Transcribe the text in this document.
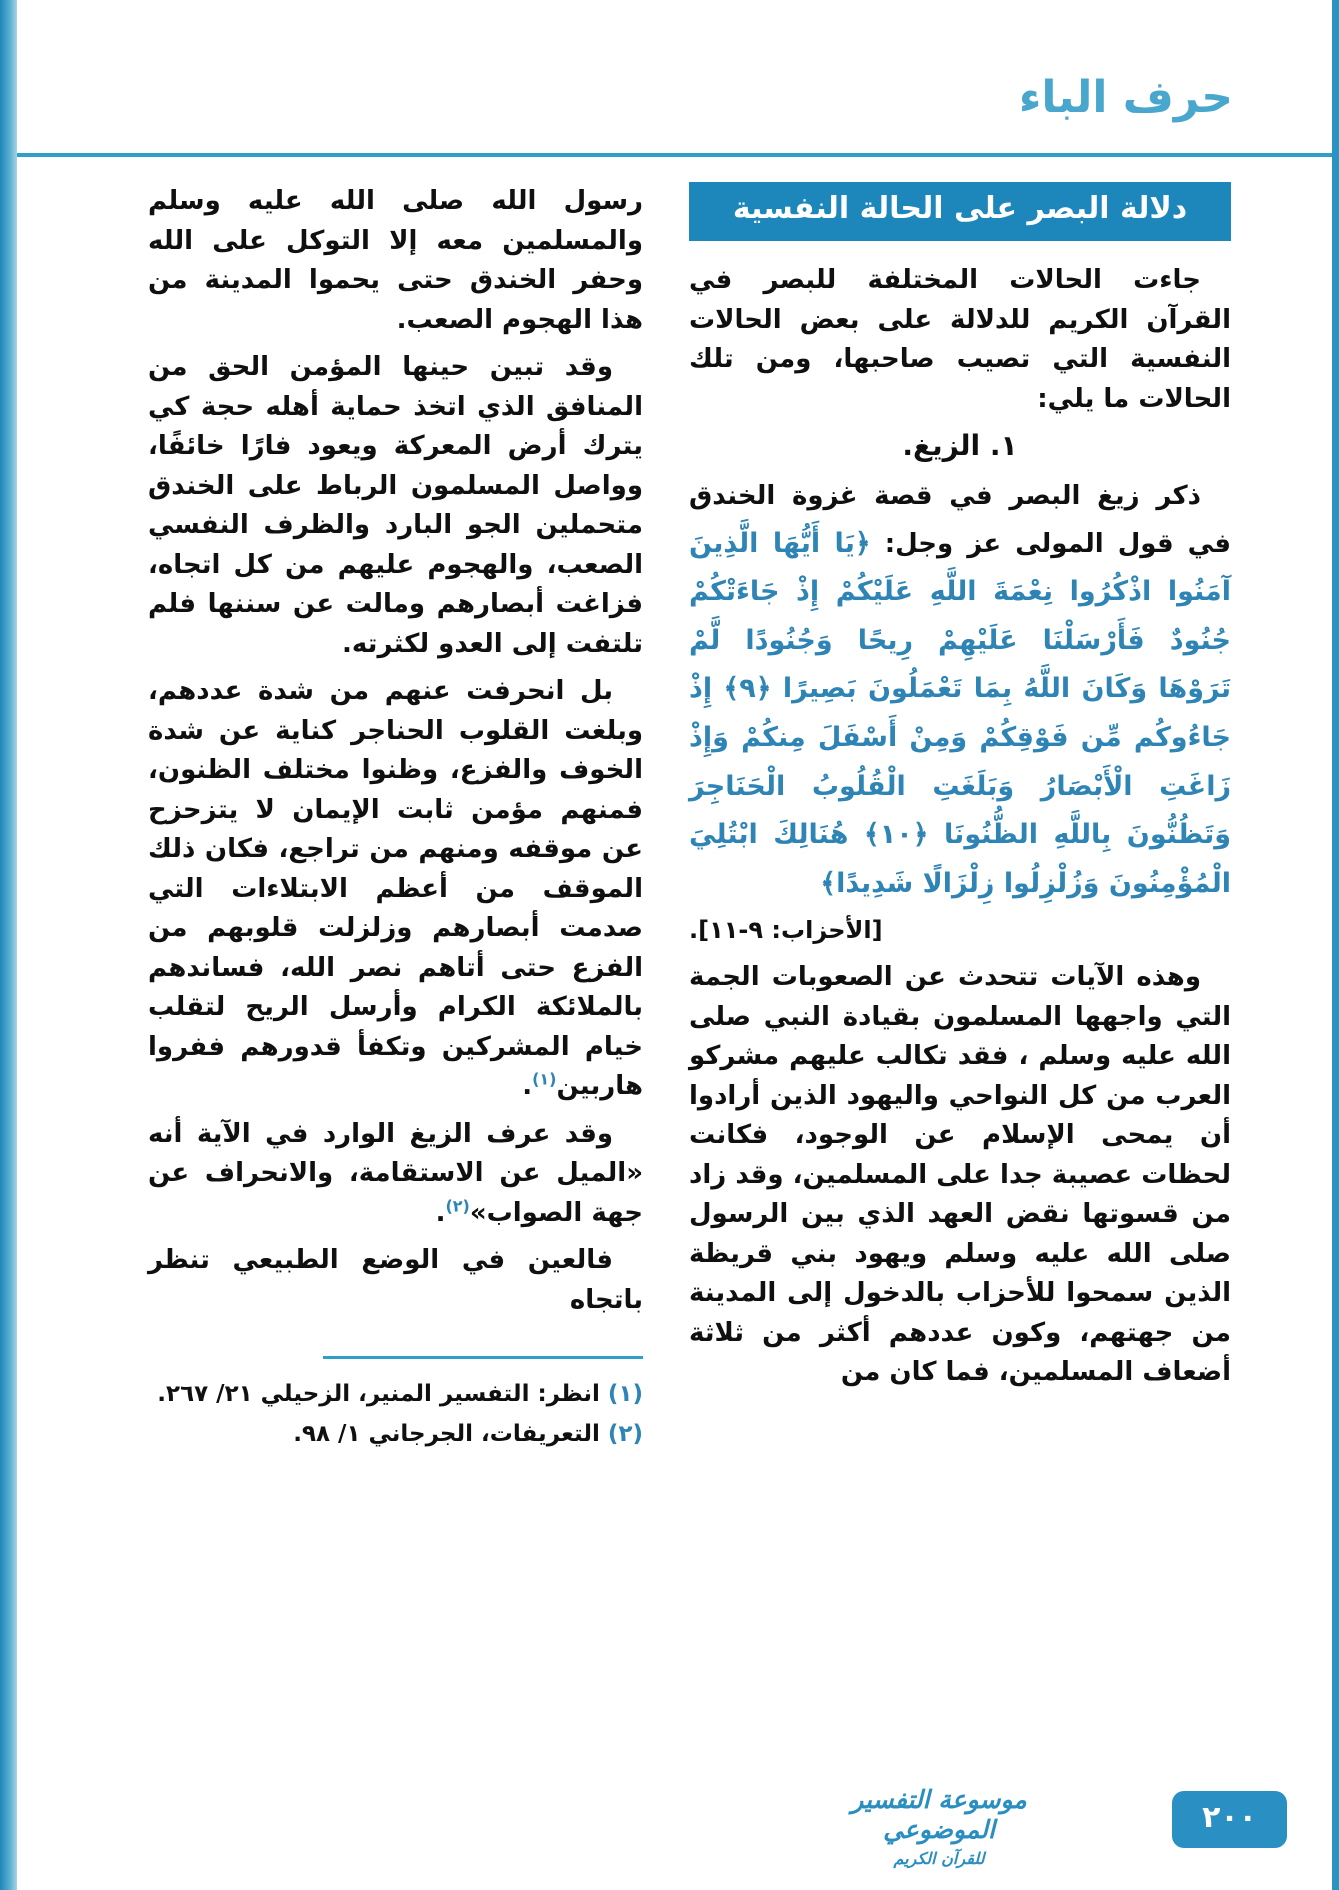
حرف الباء
دلالة البصر على الحالة النفسية

جاءت الحالات المختلفة للبصر في القرآن الكريم للدلالة على بعض الحالات النفسية التي تصيب صاحبها، ومن تلك الحالات ما يلي:

١. الزيغ.

ذكر زيغ البصر في قصة غزوة الخندق في قول المولى عز وجل: ﴿يَا أَيُّهَا الَّذِينَ آمَنُوا اذْكُرُوا نِعْمَةَ اللَّهِ عَلَيْكُمْ إِذْ جَاءَتْكُمْ جُنُودٌ فَأَرْسَلْنَا عَلَيْهِمْ رِيحًا وَجُنُودًا لَّمْ تَرَوْهَا وَكَانَ اللَّهُ بِمَا تَعْمَلُونَ بَصِيرًا ﴿٩﴾ إِذْ جَاءُوكُم مِّن فَوْقِكُمْ وَمِنْ أَسْفَلَ مِنكُمْ وَإِذْ زَاغَتِ الْأَبْصَارُ وَبَلَغَتِ الْقُلُوبُ الْحَنَاجِرَ وَتَظُنُّونَ بِاللَّهِ الظُّنُونَا ﴿١٠﴾ هُنَالِكَ ابْتُلِيَ الْمُؤْمِنُونَ وَزُلْزِلُوا زِلْزَالًا شَدِيدًا﴾

[الأحزاب: ٩-١١].

وهذه الآيات تتحدث عن الصعوبات الجمة التي واجهها المسلمون بقيادة النبي صلى الله عليه وسلم ، فقد تكالب عليهم مشركو العرب من كل النواحي واليهود الذين أرادوا أن يمحى الإسلام عن الوجود، فكانت لحظات عصيبة جدا على المسلمين، وقد زاد من قسوتها نقض العهد الذي بين الرسول صلى الله عليه وسلم ويهود بني قريظة الذين سمحوا للأحزاب بالدخول إلى المدينة من جهتهم، وكون عددهم أكثر من ثلاثة أضعاف المسلمين، فما كان من

رسول الله صلى الله عليه وسلم والمسلمين معه إلا التوكل على الله وحفر الخندق حتى يحموا المدينة من هذا الهجوم الصعب.

وقد تبين حينها المؤمن الحق من المنافق الذي اتخذ حماية أهله حجة كي يترك أرض المعركة ويعود فارًا خائفًا، وواصل المسلمون الرباط على الخندق متحملين الجو البارد والظرف النفسي الصعب، والهجوم عليهم من كل اتجاه، فزاغت أبصارهم ومالت عن سننها فلم تلتفت إلى العدو لكثرته.

بل انحرفت عنهم من شدة عددهم، وبلغت القلوب الحناجر كناية عن شدة الخوف والفزع، وظنوا مختلف الظنون، فمنهم مؤمن ثابت الإيمان لا يتزحزح عن موقفه ومنهم من تراجع، فكان ذلك الموقف من أعظم الابتلاءات التي صدمت أبصارهم وزلزلت قلوبهم من الفزع حتى أتاهم نصر الله، فساندهم بالملائكة الكرام وأرسل الريح لتقلب خيام المشركين وتكفأ قدورهم ففروا هاربين$^{(١)}$.

وقد عرف الزيغ الوارد في الآية أنه «الميل عن الاستقامة، والانحراف عن جهة الصواب»$^{(٢)}$.

فالعين في الوضع الطبيعي تنظر باتجاه

(١) انظر: التفسير المنير، الزحيلي ٢١/ ٢٦٧.

(٢) التعريفات، الجرجاني ١/ ٩٨.

موسوعة التفسير الموضوعي
للقرآن الكريم
٢٠٠
